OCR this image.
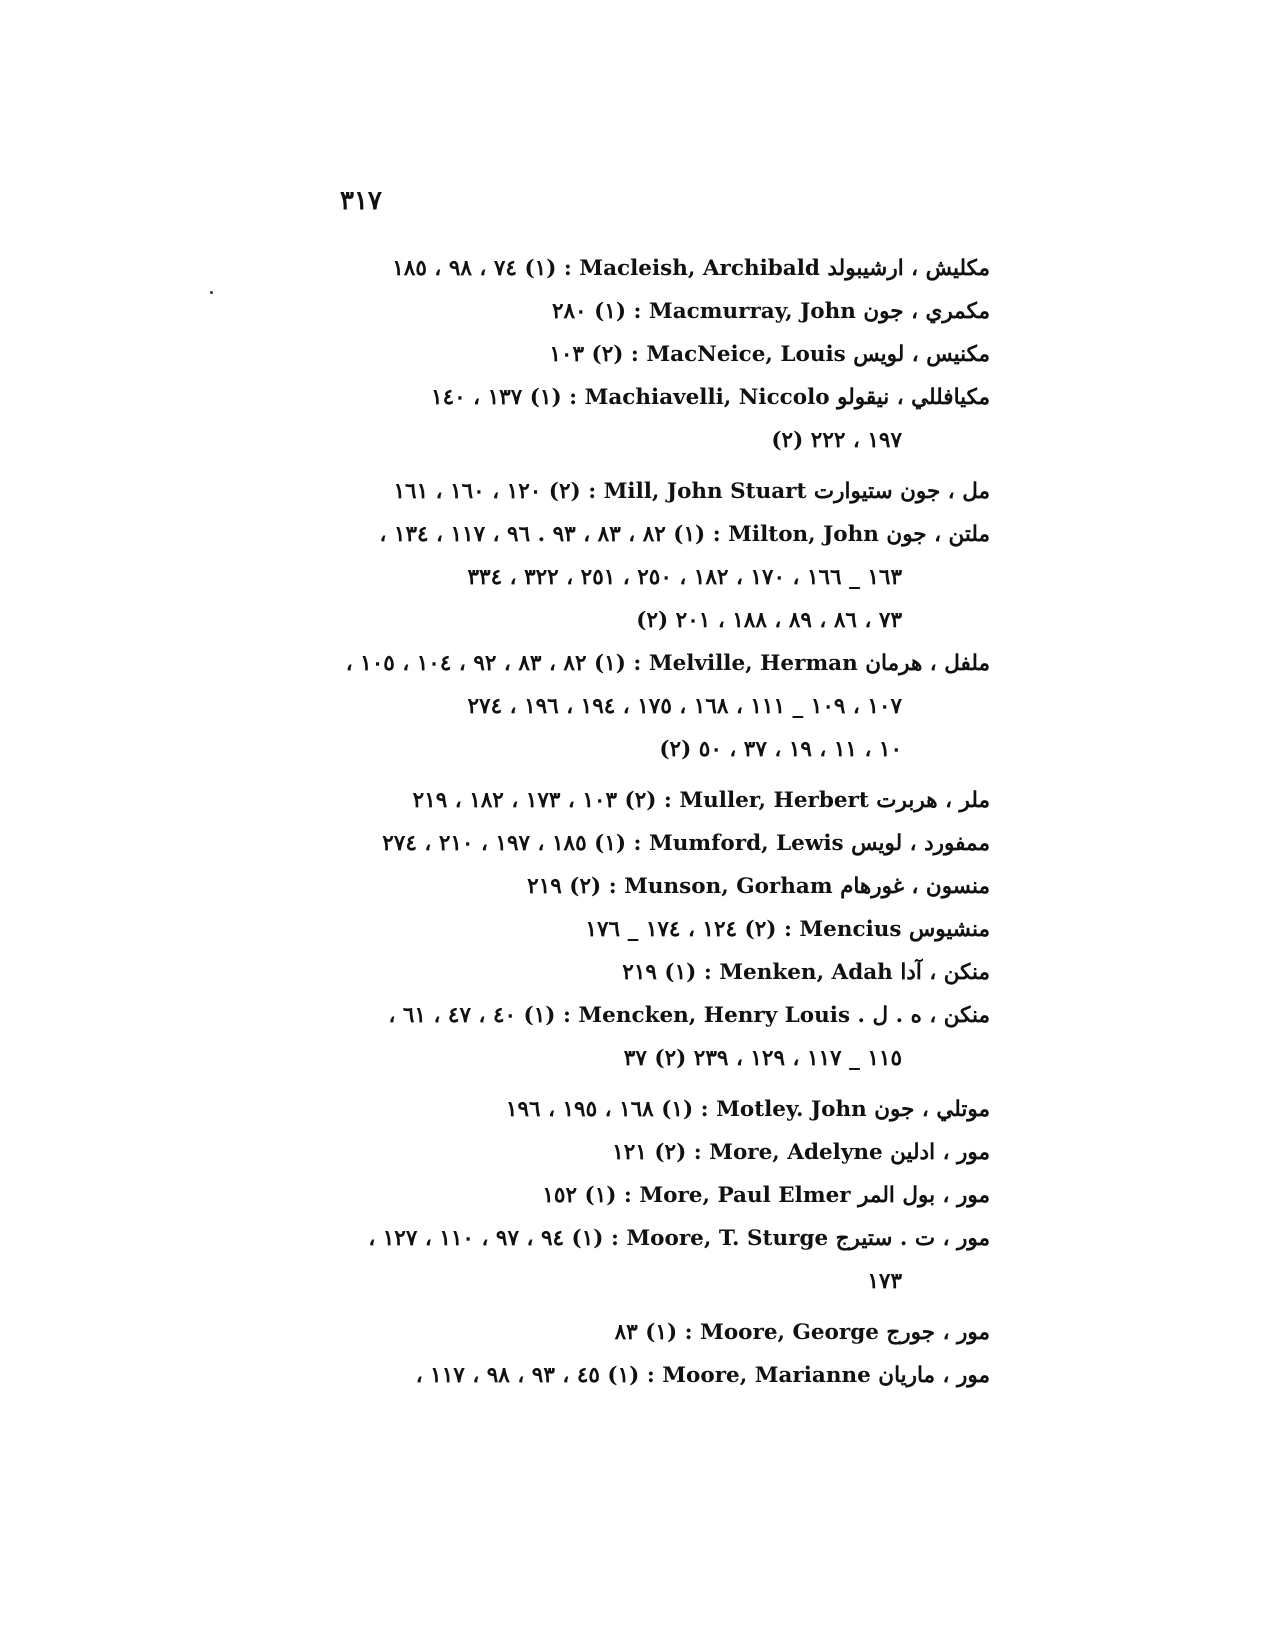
٣١٧
مكليش ، ارشيبولد Macleish, Archibald : (١) ٧٤ ، ٩٨ ، ١٨٥
مكمري ، جون Macmurray, John : (١) ٢٨٠
مكنيس ، لويس MacNeice, Louis : (٢) ١٠٣
مكيافللي ، نيقولو Machiavelli, Niccolo : (١) ١٣٧ ، ١٤٠
(٢) ١٩٧ ، ٢٢٢
مل ، جون ستيوارت Mill, John Stuart : (٢) ١٢٠ ، ١٦٠ ، ١٦١
ملتن ، جون Milton, John : (١) ٨٢ ، ٨٣ ، ٩٣ . ٩٦ ، ١١٧ ، ١٣٤ ،
١٦٣ _ ١٦٦ ، ١٧٠ ، ١٨٢ ، ٢٥٠ ، ٢٥١ ، ٣٢٢ ، ٣٣٤
(٢) ٧٣ ، ٨٦ ، ٨٩ ، ١٨٨ ، ٢٠١
ملفل ، هرمان Melville, Herman : (١) ٨٢ ، ٨٣ ، ٩٢ ، ١٠٤ ، ١٠٥ ،
١٠٧ ، ١٠٩ _ ١١١ ، ١٦٨ ، ١٧٥ ، ١٩٤ ، ١٩٦ ، ٢٧٤
(٢) ١٠ ، ١١ ، ١٩ ، ٣٧ ، ٥٠
ملر ، هربرت Muller, Herbert : (٢) ١٠٣ ، ١٧٣ ، ١٨٢ ، ٢١٩
ممفورد ، لويس Mumford, Lewis : (١) ١٨٥ ، ١٩٧ ، ٢١٠ ، ٢٧٤
منسون ، غورهام Munson, Gorham : (٢) ٢١٩
منشيوس Mencius : (٢) ١٢٤ ، ١٧٤ _ ١٧٦
منكن ، آدا Menken, Adah : (١) ٢١٩
منكن ، ه . ل . Mencken, Henry Louis : (١) ٤٠ ، ٤٧ ، ٦١ ،
١١٥ _ ١١٧ ، ١٢٩ ، ٢٣٩ (٢) ٣٧
موتلي ، جون Motley. John : (١) ١٦٨ ، ١٩٥ ، ١٩٦
مور ، ادلين More, Adelyne : (٢) ١٢١
مور ، بول المر More, Paul Elmer : (١) ١٥٢
مور ، ت . ستيرج Moore, T. Sturge : (١) ٩٤ ، ٩٧ ، ١١٠ ، ١٢٧ ،
١٧٣
مور ، جورج Moore, George : (١) ٨٣
مور ، ماريان Moore, Marianne : (١) ٤٥ ، ٩٣ ، ٩٨ ، ١١٧ ،
